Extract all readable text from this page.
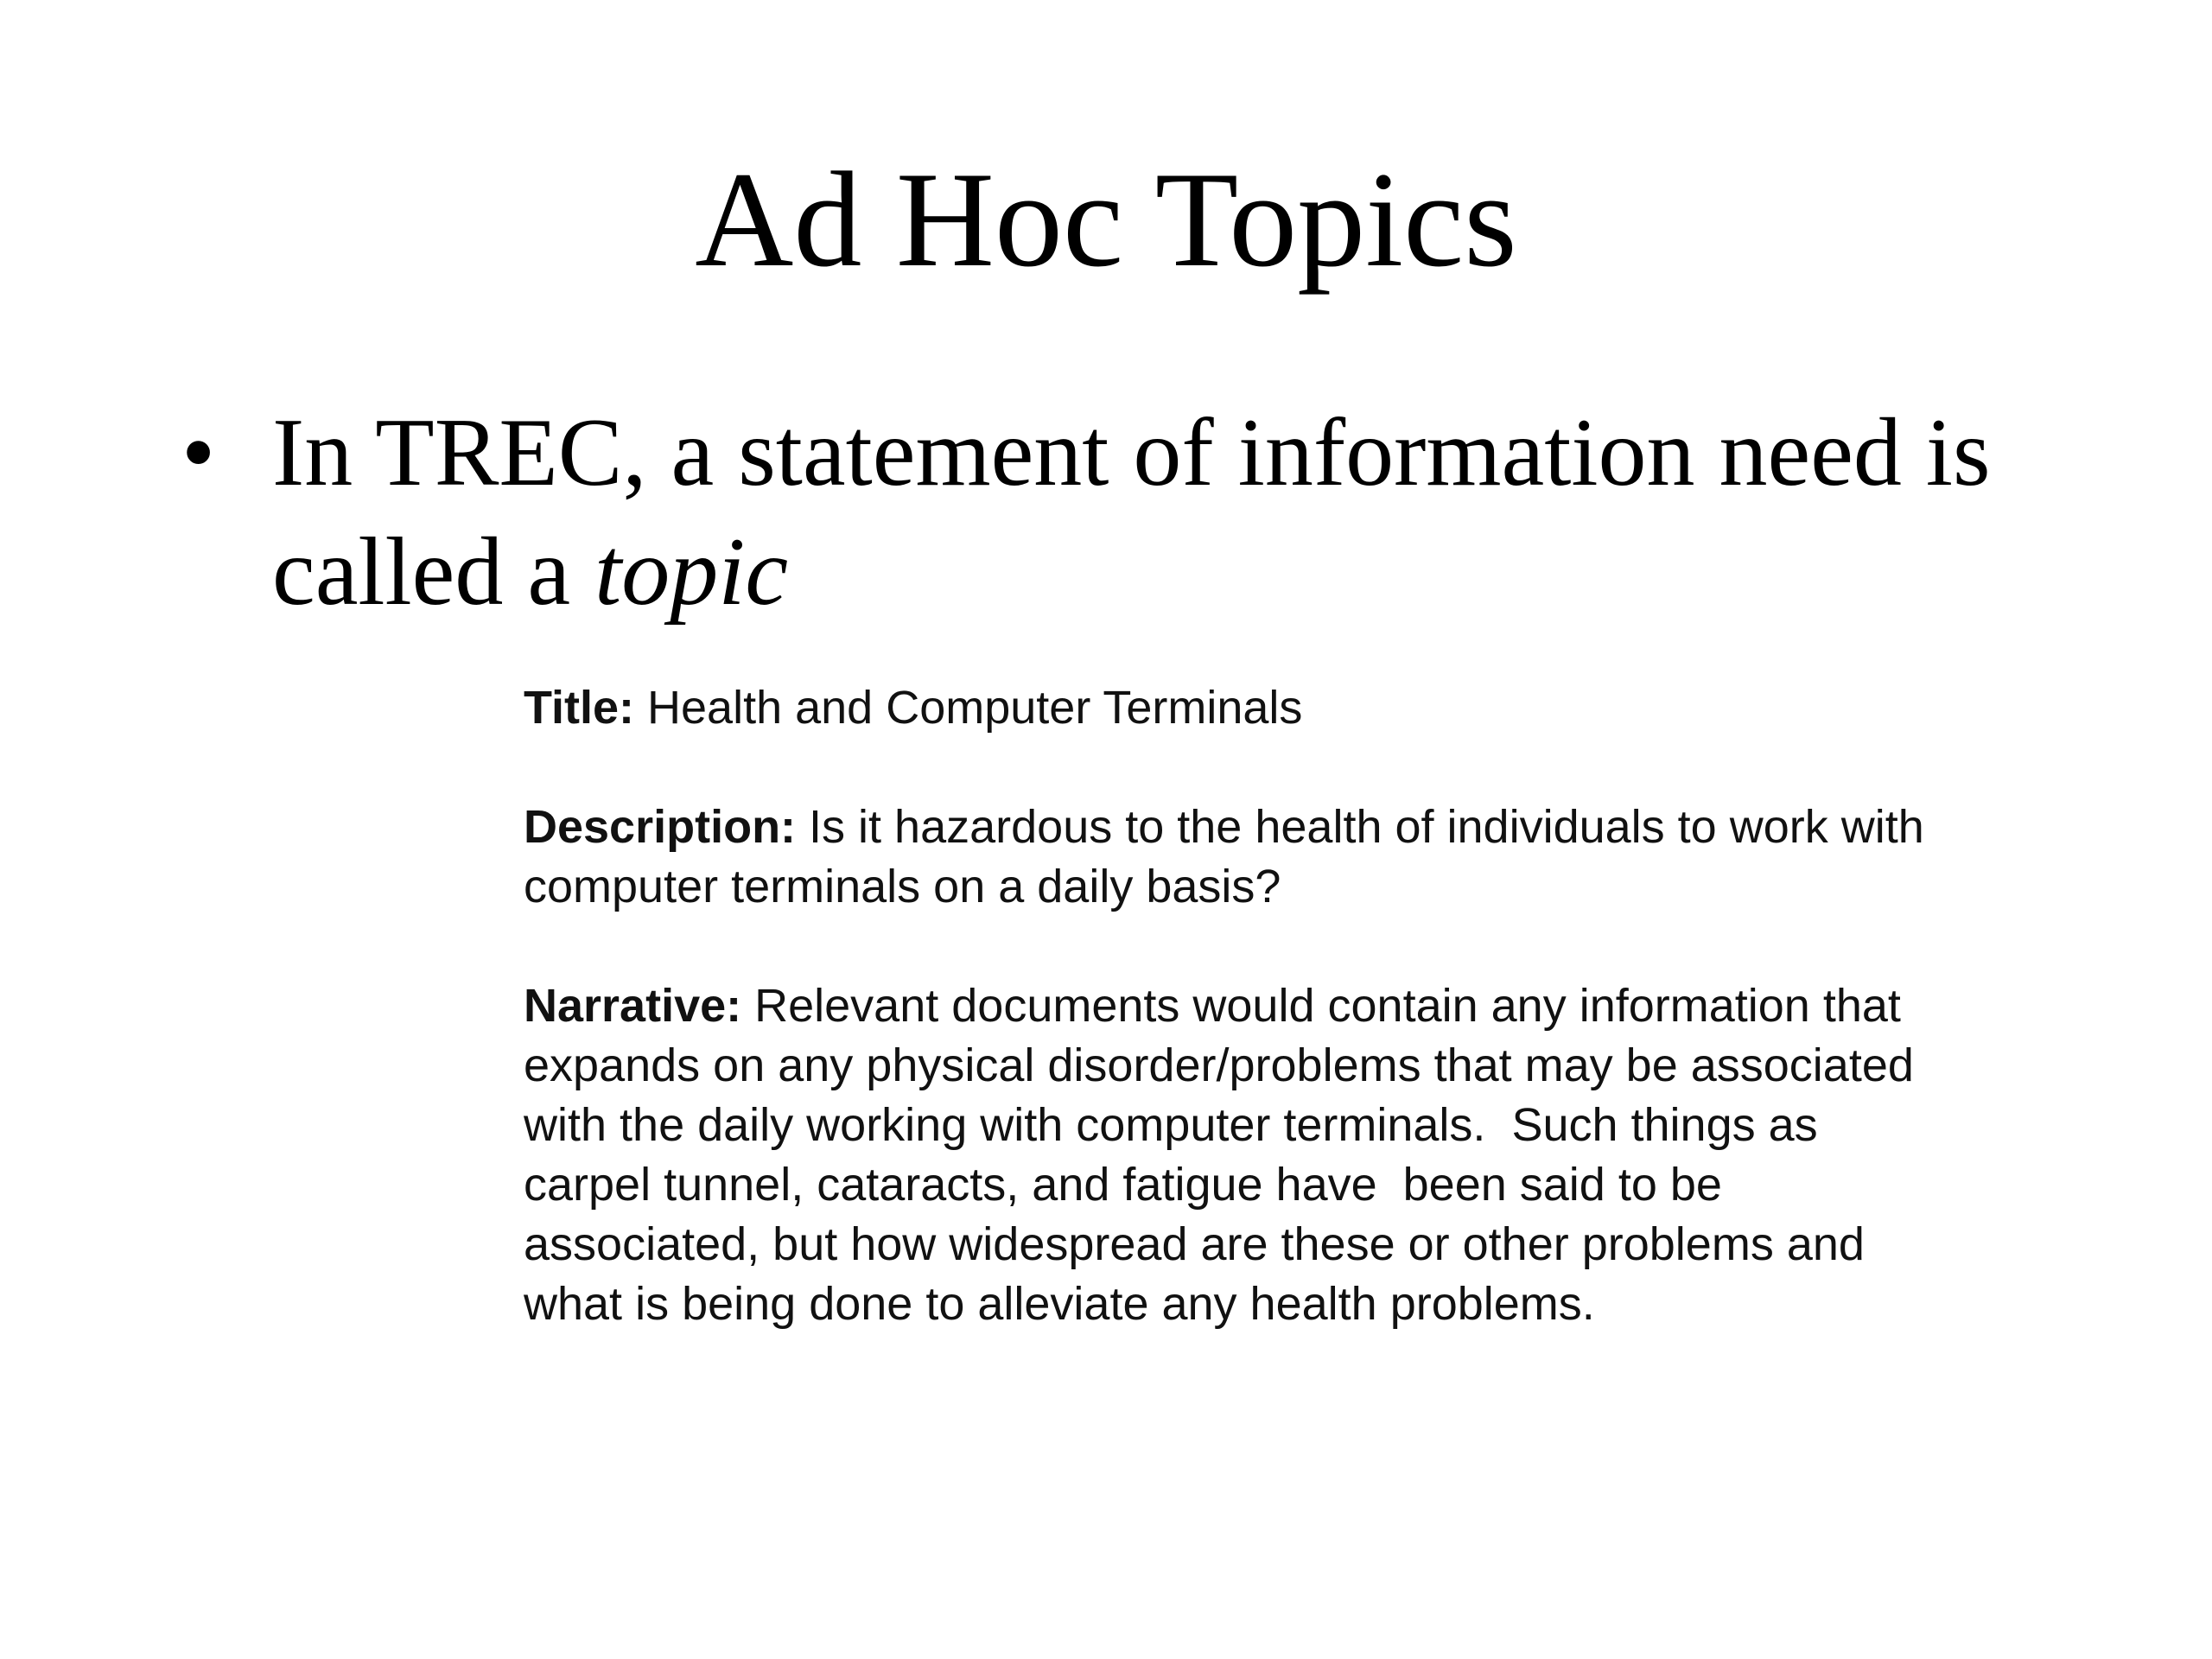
Ad Hoc Topics
• In TREC, a statement of information need is called a topic

Title: Health and Computer Terminals

Description: Is it hazardous to the health of individuals to work with
computer terminals on a daily basis?

Narrative: Relevant documents would contain any information that
expands on any physical disorder/problems that may be associated
with the daily working with computer terminals.  Such things as
carpel tunnel, cataracts, and fatigue have  been said to be
associated, but how widespread are these or other problems and
what is being done to alleviate any health problems.
